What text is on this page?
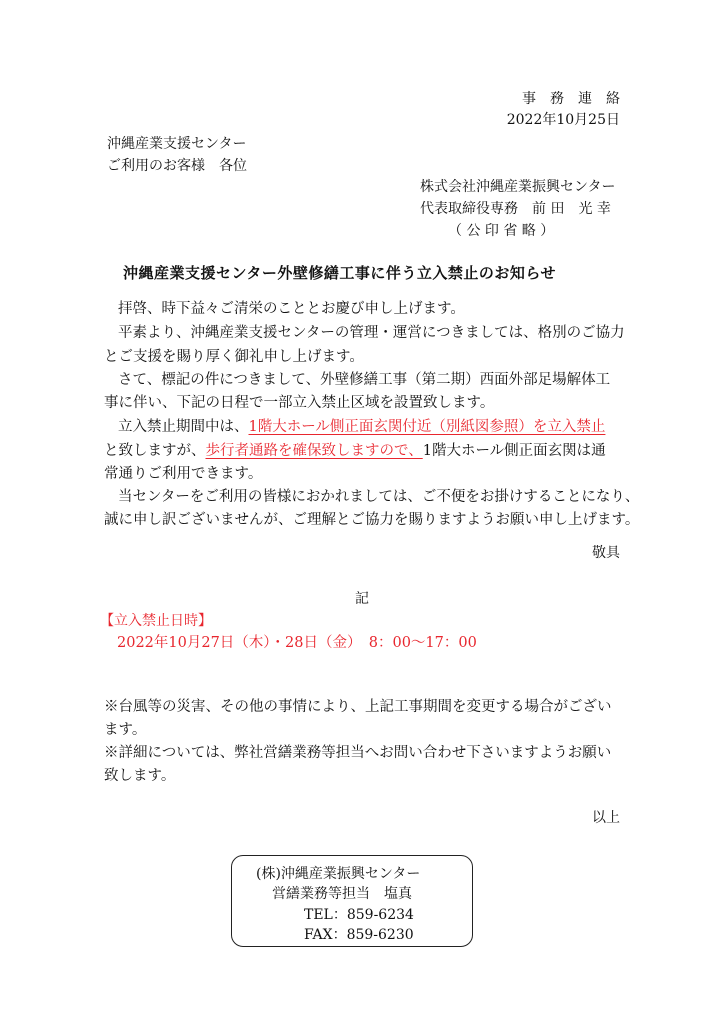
事　務　連　絡
2022年10月25日
沖縄産業支援センター
ご利用のお客様　各位
株式会社沖縄産業振興センター
代表取締役専務　前 田　光 幸
（ 公 印 省 略 ）
沖縄産業支援センター外壁修繕工事に伴う立入禁止のお知らせ
拝啓、時下益々ご清栄のこととお慶び申し上げます。
平素より、沖縄産業支援センターの管理・運営につきましては、格別のご協力
とご支援を賜り厚く御礼申し上げます。
さて、標記の件につきまして、外壁修繕工事（第二期）西面外部足場解体工
事に伴い、下記の日程で一部立入禁止区域を設置致します。
立入禁止期間中は、1階大ホール側正面玄関付近（別紙図参照）を立入禁止
と致しますが、歩行者通路を確保致しますので、1階大ホール側正面玄関は通
常通りご利用できます。
当センターをご利用の皆様におかれましては、ご不便をお掛けすることになり、
誠に申し訳ございませんが、ご理解とご協力を賜りますようお願い申し上げます。
敬具
記
【立入禁止日時】
2022年10月27日（木）・28日（金）　8：00～17：00
※台風等の災害、その他の事情により、上記工事期間を変更する場合がござい
ます。
※詳細については、弊社営繕業務等担当へお問い合わせ下さいますようお願い
致します。
以上
(株)沖縄産業振興センター
営繕業務等担当　塩真
TEL：859-6234
FAX：859-6230
